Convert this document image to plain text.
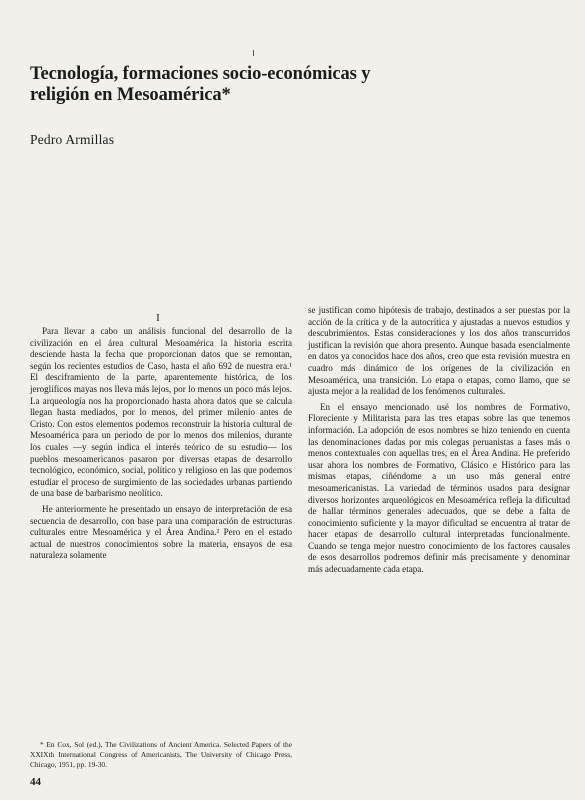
Tecnología, formaciones socio-económicas y religión en Mesoamérica*
Pedro Armillas
I

Para llevar a cabo un análisis funcional del desarrollo de la civilización en el área cultural Mesoamérica la historia escrita desciende hasta la fecha que proporcionan datos que se remontan, según los recientes estudios de Caso, hasta el año 692 de nuestra era.¹ El desciframiento de la parte, aparentemente histórica, de los jeroglíficos mayas nos lleva más lejos, por lo menos un poco más lejos. La arqueología nos ha proporcionado hasta ahora datos que se calcula llegan hasta mediados, por lo menos, del primer milenio antes de Cristo. Con estos elementos podemos reconstruir la historia cultural de Mesoamérica para un periodo de por lo menos dos milenios, durante los cuales —y según indica el interés teórico de su estudio— los pueblos mesoamericanos pasaron por diversas etapas de desarrollo tecnológico, económico, social, político y religioso en las que podemos estudiar el proceso de surgimiento de las sociedades urbanas partiendo de una base de barbarismo neolítico.

He anteriormente he presentado un ensayo de interpretación de esa secuencia de desarrollo, con base para una comparación de estructuras culturales entre Mesoamérica y el Área Andina.² Pero en el estado actual de nuestros conocimientos sobre la materia, ensayos de esa naturaleza solamente

se justifican como hipótesis de trabajo, destinados a ser puestas por la acción de la crítica y de la autocrítica y ajustadas a nuevos estudios y descubrimientos. Estas consideraciones y los dos años transcurridos justifican la revisión que ahora presento. Aunque basada esencialmente en datos ya conocidos hace dos años, creo que esta revisión muestra en cuadro más dinámico de los orígenes de la civilización en Mesoamérica, una transición. Lo etapa o etapas, como llamo, que se ajusta mejor a la realidad de los fenómenos culturales.

En el ensayo mencionado usé los nombres de Formativo, Floreciente y Militarista para las tres etapas sobre las que tenemos información. La adopción de esos nombres se hizo teniendo en cuenta las denominaciones dadas por mis colegas peruanistas a fases más o menos contextuales con aquellas tres, en el Área Andina. He preferido usar ahora los nombres de Formativo, Clásico e Histórico para las mismas etapas, ciñéndome a un uso más general entre mesoamericanistas. La variedad de términos usados para designar diversos horizontes arqueológicos en Mesoamérica refleja la dificultad de hallar términos generales adecuados, que se debe a falta de conocimiento suficiente y la mayor dificultad se encuentra al tratar de hacer etapas de desarrollo cultural interpretadas funcionalmente. Cuando se tenga mejor nuestro conocimiento de los factores causales de esos desarrollos podremos definir más precisamente y denominar más adecuadamente cada etapa.

* En Cox, Sol (ed.), The Civilizations of Ancient America. Selected Papers of the XXIXth International Congress of Americanists, The University of Chicago Press, Chicago, 1951, pp. 19-30.

44
